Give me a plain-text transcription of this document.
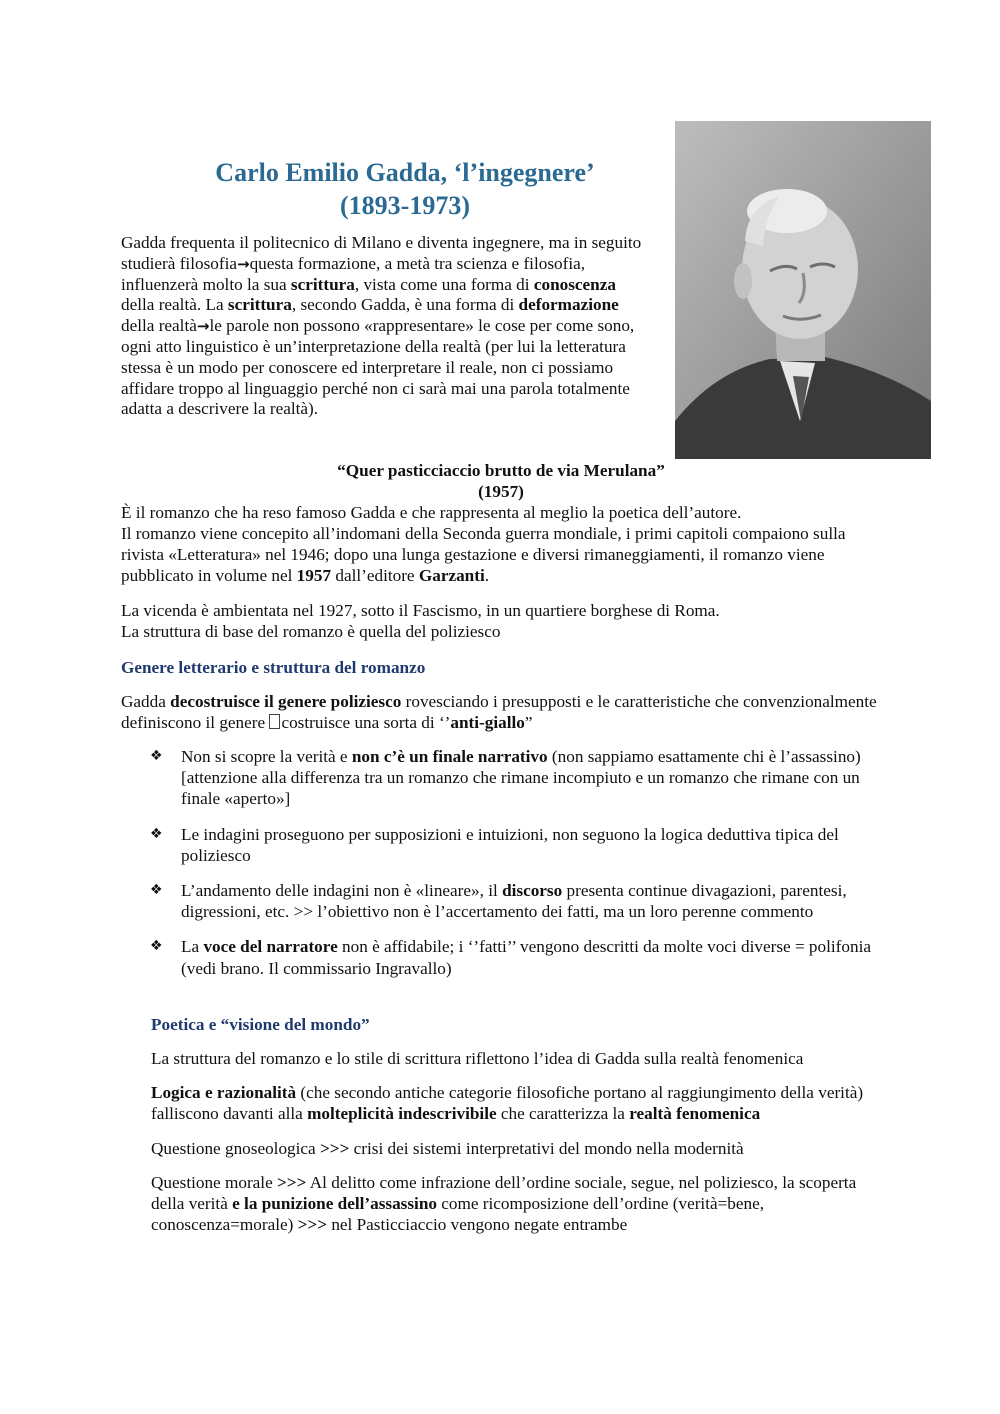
Carlo Emilio Gadda, ‘l’ingegnere’
(1893-1973)

Gadda frequenta il politecnico di Milano e diventa ingegnere, ma in seguito studierà filosofia→questa formazione, a metà tra scienza e filosofia, influenzerà molto la sua scrittura, vista come una forma di conoscenza della realtà. La scrittura, secondo Gadda, è una forma di deformazione della realtà→le parole non possono «rappresentare» le cose per come sono, ogni atto linguistico è un’interpretazione della realtà (per lui la letteratura stessa è un modo per conoscere ed interpretare il reale, non ci possiamo affidare troppo al linguaggio perché non ci sarà mai una parola totalmente adatta a descrivere la realtà).

“Quer pasticciaccio brutto de via Merulana”
(1957)

È il romanzo che ha reso famoso Gadda e che rappresenta al meglio la poetica dell’autore.
Il romanzo viene concepito all’indomani della Seconda guerra mondiale, i primi capitoli compaiono sulla rivista «Letteratura» nel 1946; dopo una lunga gestazione e diversi rimaneggiamenti, il romanzo viene pubblicato in volume nel 1957 dall’editore Garzanti.

La vicenda è ambientata nel 1927, sotto il Fascismo, in un quartiere borghese di Roma.
La struttura di base del romanzo è quella del poliziesco

Genere letterario e struttura del romanzo

Gadda decostruisce il genere poliziesco rovesciando i presupposti e le caratteristiche che convenzionalmente definiscono il genere costruisce una sorta di ‘’anti-giallo”

❖ Non si scopre la verità e non c’è un finale narrativo (non sappiamo esattamente chi è l’assassino) [attenzione alla differenza tra un romanzo che rimane incompiuto e un romanzo che rimane con un finale «aperto»]
❖ Le indagini proseguono per supposizioni e intuizioni, non seguono la logica deduttiva tipica del poliziesco
❖ L’andamento delle indagini non è «lineare», il discorso presenta continue divagazioni, parentesi, digressioni, etc. >> l’obiettivo non è l’accertamento dei fatti, ma un loro perenne commento
❖ La voce del narratore non è affidabile; i ‘’fatti’’ vengono descritti da molte voci diverse = polifonia (vedi brano. Il commissario Ingravallo)
Poetica e “visione del mondo”

La struttura del romanzo e lo stile di scrittura riflettono l’idea di Gadda sulla realtà fenomenica

Logica e razionalità (che secondo antiche categorie filosofiche portano al raggiungimento della verità) falliscono davanti alla molteplicità indescrivibile che caratterizza la realtà fenomenica

Questione gnoseologica >>> crisi dei sistemi interpretativi del mondo nella modernità

Questione morale >>> Al delitto come infrazione dell’ordine sociale, segue, nel poliziesco, la scoperta della verità e la punizione dell’assassino come ricomposizione dell’ordine (verità=bene, conoscenza=morale) >>> nel Pasticciaccio vengono negate entrambe
